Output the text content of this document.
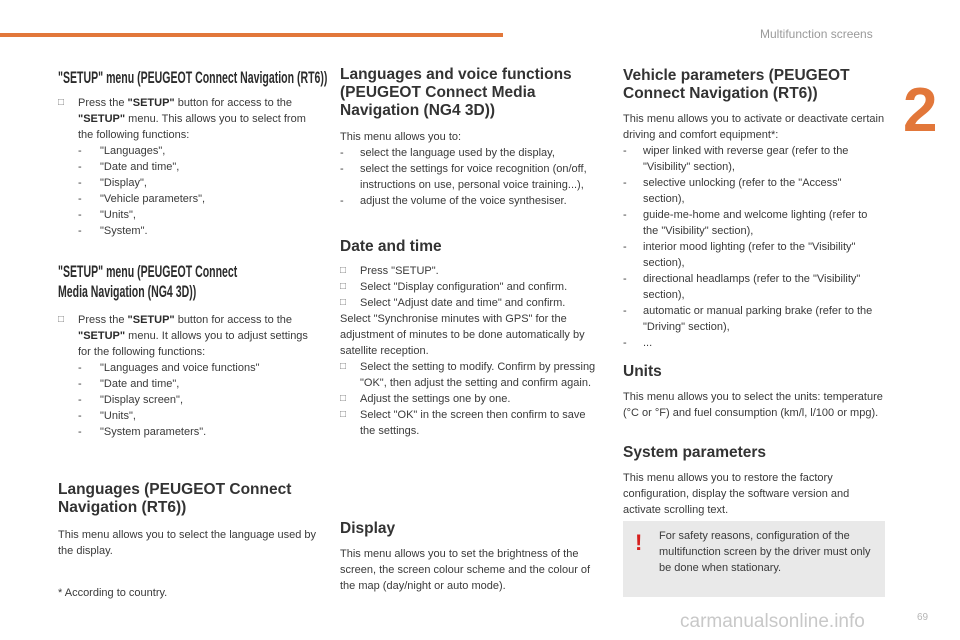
Multifunction screens
2
"SETUP" menu (PEUGEOT Connect Navigation (RT6))

□ Press the "SETUP" button for access to the "SETUP" menu. This allows you to select from the following functions:

- "Languages",

- "Date and time",

- "Display",

- "Vehicle parameters",

- "Units",

- "System".

"SETUP" menu (PEUGEOT Connect
Media Navigation (NG4 3D))

□ Press the "SETUP" button for access to the "SETUP" menu. It allows you to adjust settings for the following functions:

- "Languages and voice functions"

- "Date and time",

- "Display screen",

- "Units",

- "System parameters".

Languages (PEUGEOT Connect
Navigation (RT6))

This menu allows you to select the language used by the display.

* According to country.
Languages and voice functions
(PEUGEOT Connect Media
Navigation (NG4 3D))

This menu allows you to:

- select the language used by the display,

- select the settings for voice recognition (on/off, instructions on use, personal voice training...),

- adjust the volume of the voice synthesiser.

Date and time

□ Press "SETUP".

□ Select "Display configuration" and confirm.

□ Select "Adjust date and time" and confirm.

Select "Synchronise minutes with GPS" for the adjustment of minutes to be done automatically by satellite reception.

□ Select the setting to modify. Confirm by pressing "OK", then adjust the setting and confirm again.

□ Adjust the settings one by one.

□ Select "OK" in the screen then confirm to save the settings.

Display

This menu allows you to set the brightness of the screen, the screen colour scheme and the colour of the map (day/night or auto mode).

Vehicle parameters (PEUGEOT
Connect Navigation (RT6))

This menu allows you to activate or deactivate certain driving and comfort equipment*:

- wiper linked with reverse gear (refer to the "Visibility" section),

- selective unlocking (refer to the "Access" section),

- guide-me-home and welcome lighting (refer to the "Visibility" section),

- interior mood lighting (refer to the "Visibility" section),

- directional headlamps (refer to the "Visibility" section),

- automatic or manual parking brake (refer to the "Driving" section),

- ...

Units

This menu allows you to select the units: temperature (°C or °F) and fuel consumption (km/l, l/100 or mpg).

System parameters

This menu allows you to restore the factory configuration, display the software version and activate scrolling text.

! For safety reasons, configuration of the multifunction screen by the driver must only be done when stationary.
carmanualsonline.info	69
